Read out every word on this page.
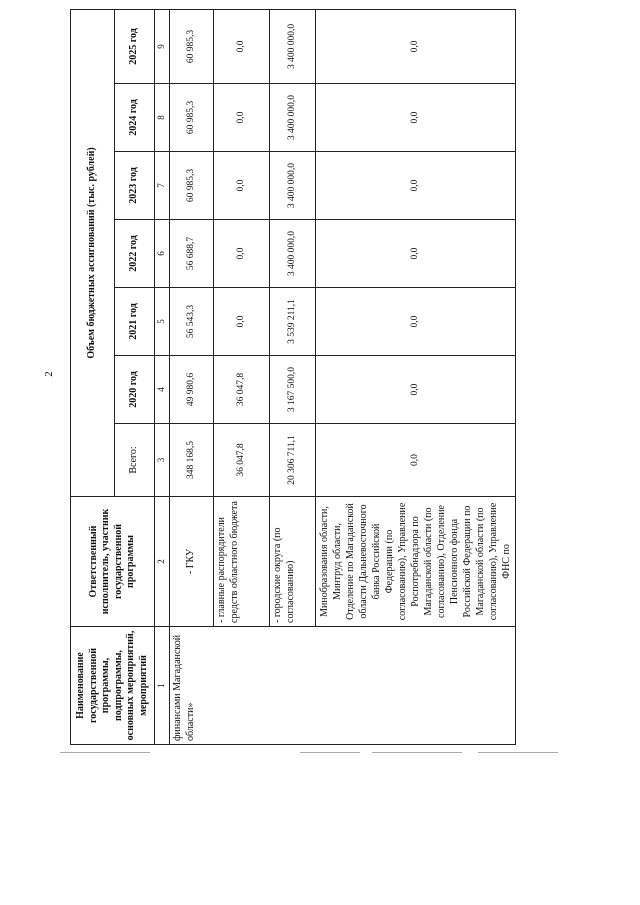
2
Наименование государственной программы, подпрограммы, основных мероприятий, мероприятий	Ответственный исполнитель, участник государственной программы	Объем бюджетных ассигнований (тыс. рублей)						
		Всего:	2020 год	2021 год	2022 год	2023 год	2024 год	2025 год
1	2	3	4	5	6	7	8	9
финансами Магаданской области»	- ГКУ	348 168,5	49 980,6	56 543,3	56 688,7	60 985,3	60 985,3	60 985,3
	- главные распорядители средств областного бюджета	36 047,8	36 047,8	0,0	0,0	0,0	0,0	0,0
	- городские округа (по согласованию)	20 306 711,1	3 167 500,0	3 539 211,1	3 400 000,0	3 400 000,0	3 400 000,0	3 400 000,0
	Минобразования области, Минтруд области, Отделение по Магаданской области Дальневосточного банка Российской Федерации (по согласованию), Управление Роспотребнадзора по Магаданской области (по согласованию), Отделение Пенсионного фонда Российской Федерации по Магаданской области (по согласованию), Управление ФНС по	0,0	0,0	0,0	0,0	0,0	0,0	0,0
